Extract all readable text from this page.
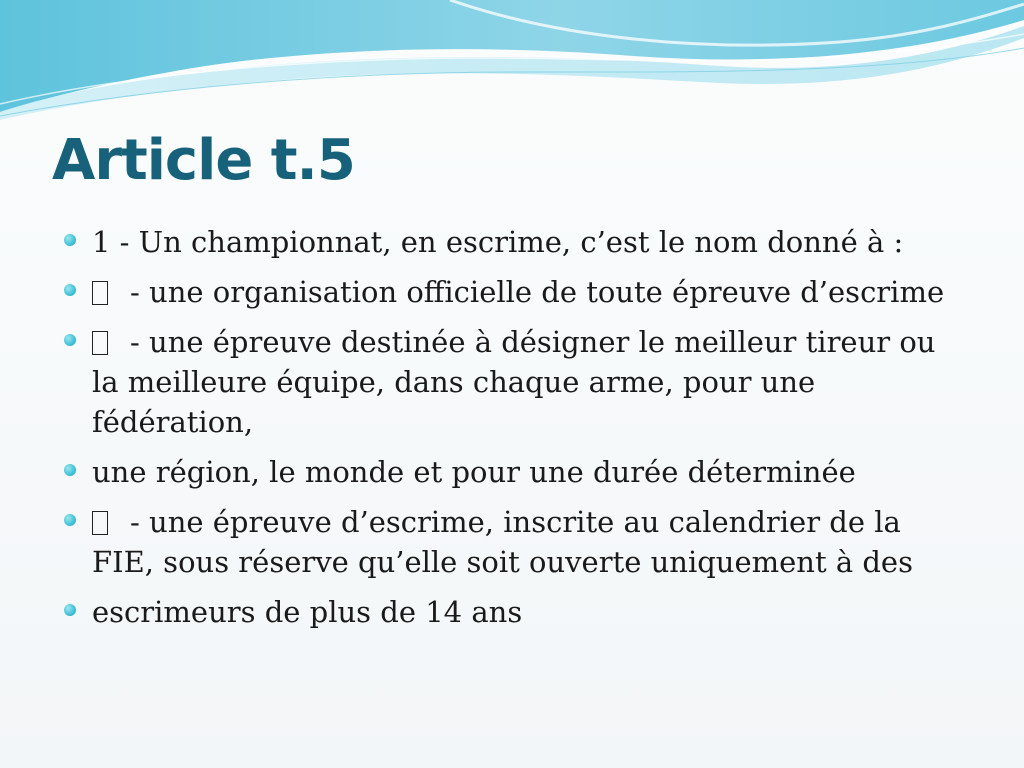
Article t.5
1 - Un championnat, en escrime, c’est le nom donné à :
- une organisation officielle de toute épreuve d’escrime
- une épreuve destinée à désigner le meilleur tireur ou la meilleure équipe, dans chaque arme, pour une fédération,
une région, le monde et pour une durée déterminée
- une épreuve d’escrime, inscrite au calendrier de la FIE, sous réserve qu’elle soit ouverte uniquement à des
escrimeurs de plus de 14 ans
